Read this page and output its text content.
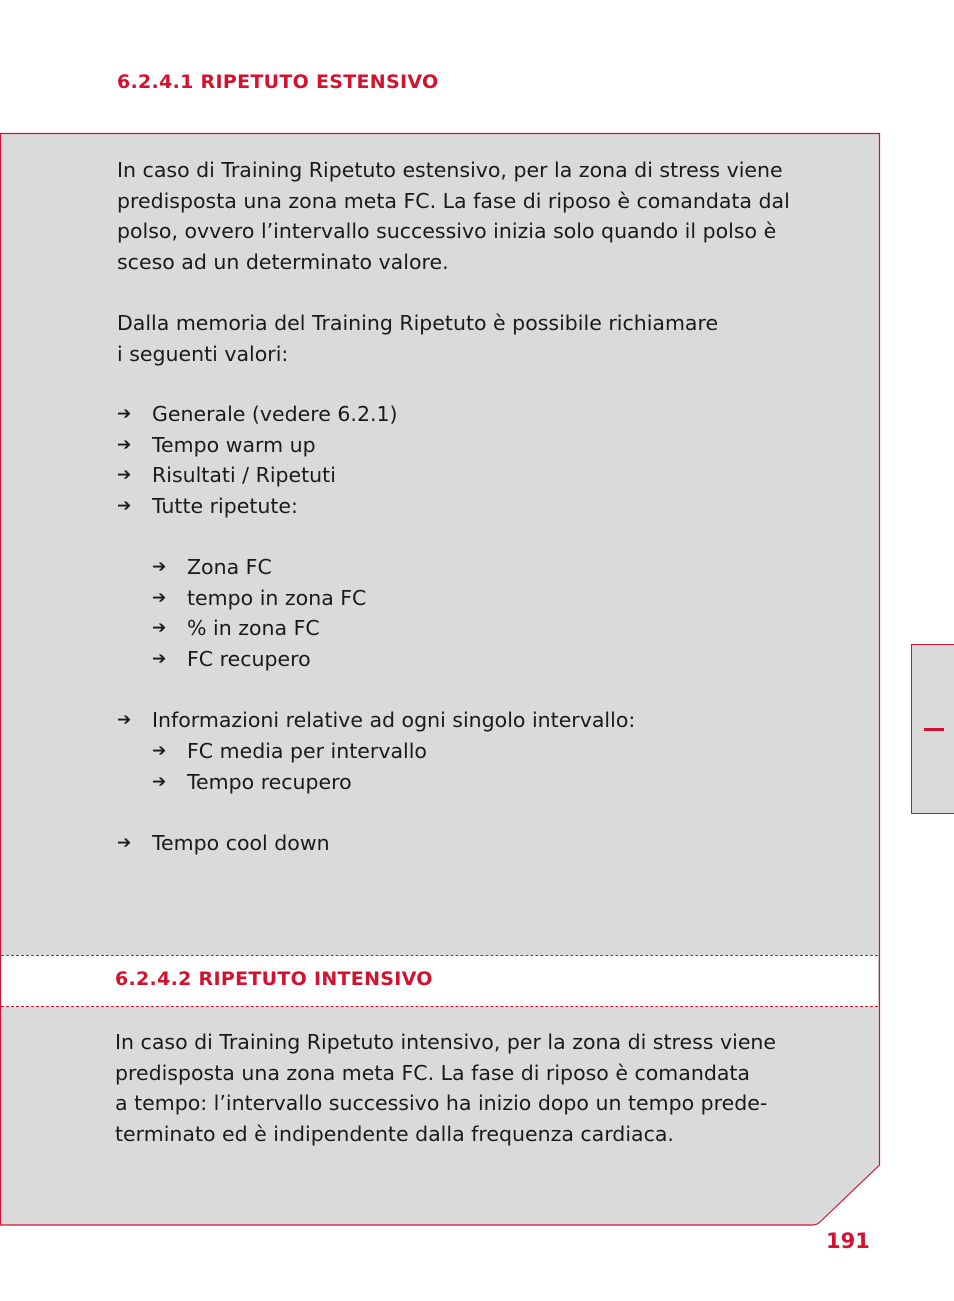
6.2.4.1 RIPETUTO ESTENSIVO

In caso di Training Ripetuto estensivo, per la zona di stress viene
predisposta una zona meta FC. La fase di riposo è comandata dal
polso, ovvero l’intervallo successivo inizia solo quando il polso è
sceso ad un determinato valore.

Dalla memoria del Training Ripetuto è possibile richiamare
i seguenti valori:

➔ Generale (vedere 6.2.1)
➔ Tempo warm up
➔ Risultati / Ripetuti
➔ Tutte ripetute:
➔ Zona FC
➔ tempo in zona FC
➔ % in zona FC
➔ FC recupero
➔ Informazioni relative ad ogni singolo intervallo:
➔ FC media per intervallo
➔ Tempo recupero
➔ Tempo cool down
6.2.4.2 RIPETUTO INTENSIVO

In caso di Training Ripetuto intensivo, per la zona di stress viene
predisposta una zona meta FC. La fase di riposo è comandata
a tempo: l’intervallo successivo ha inizio dopo un tempo prede-
terminato ed è indipendente dalla frequenza cardiaca.

191
